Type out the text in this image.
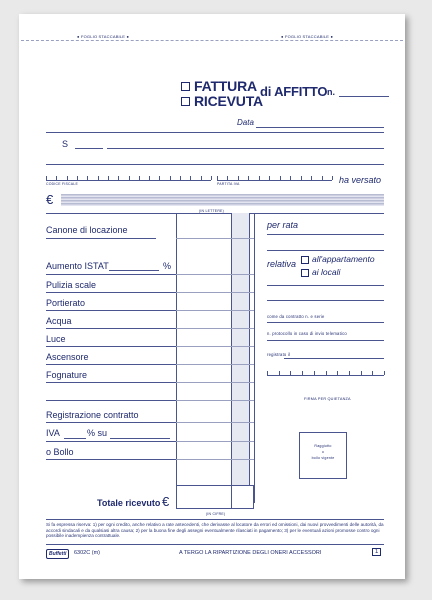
● FOGLIO STACCABILE ●	● FOGLIO STACCABILE ●
FATTURA
RICEVUTA
di AFFITTO n.
Data
S
CODICE FISCALE	PARTITA IVA	ha versato
€
(IN LETTERE)
Canone di locazione
Aumento ISTAT	%
Pulizia scale
Portierato
Acqua
Luce
Ascensore
Fognature
Registrazione contratto
IVA	% su
o Bollo
Totale ricevuto €
(IN CIFRE)
per rata
relativa all'appartamento
ai locali
come da contratto n. e serie
n. protocollo in caso di invio telematico
registrato il
FIRMA PER QUIETANZA
Raggiutto
o
bollo vigente
Si fa espressa riserva: 1) per ogni credito, anche relativo a rate antecedenti, che derivasse al locatore da errori ed omissioni, dai nuovi provvedimenti delle autorità, da accordi sindacali e da qualsiasi altra causa; 2) per la buona fine degli assegni eventualmente rilasciati in pagamento; 3) per le eventuali azioni promosse contro ogni possibile inadempienza contrattuale.
Buffetti	6302C (m)	A TERGO LA RIPARTIZIONE DEGLI ONERI ACCESSORI	1
